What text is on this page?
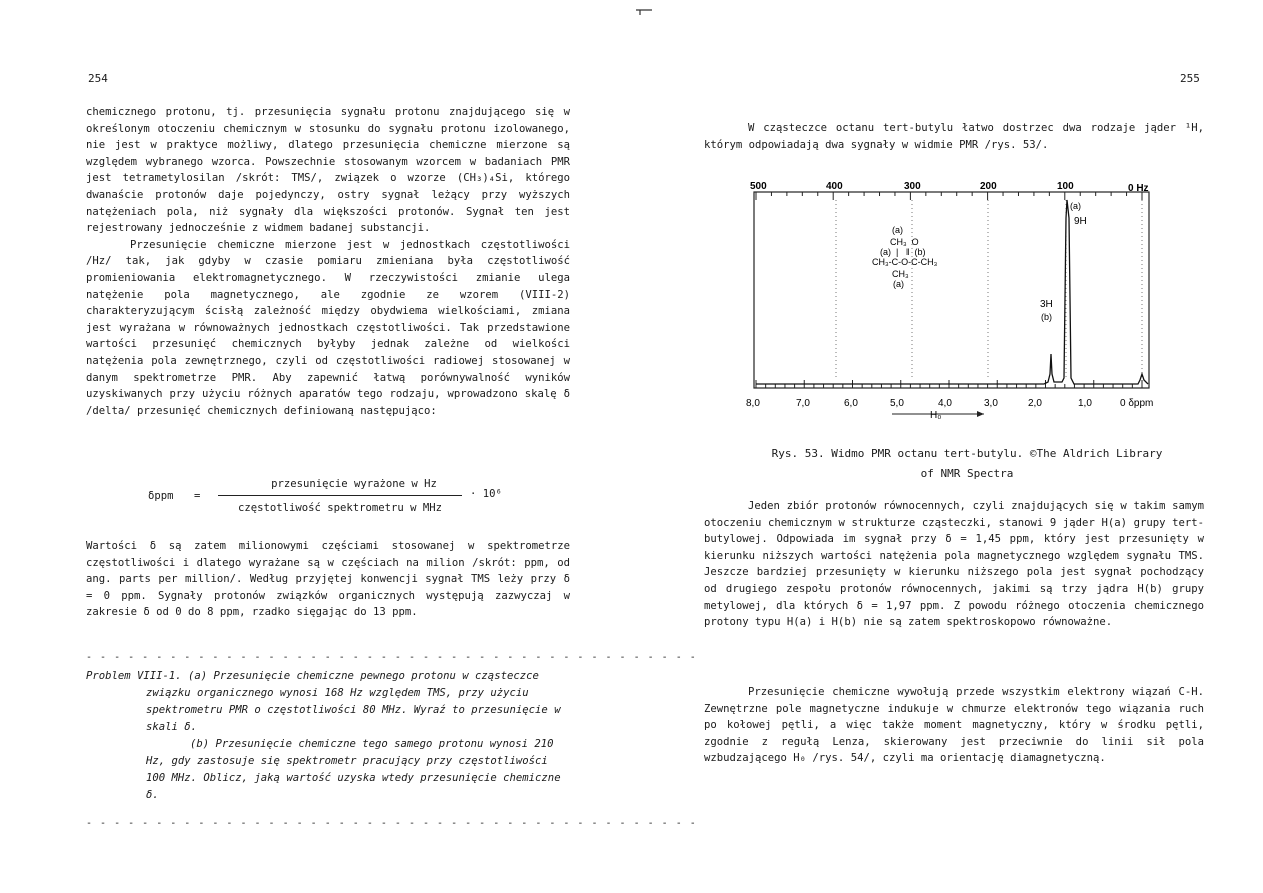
254

chemicznego protonu, tj. przesunięcia sygnału protonu znajdującego się w określonym otoczeniu chemicznym w stosunku do sygnału protonu izolowanego, nie jest w praktyce możliwy, dlatego przesunięcia chemiczne mierzone są względem wybranego wzorca. Powszechnie stosowanym wzorcem w badaniach PMR jest tetrametylosilan /skrót: TMS/, związek o wzorze (CH₃)₄Si, którego dwanaście protonów daje pojedynczy, ostry sygnał leżący przy wyższych natężeniach pola, niż sygnały dla większości protonów. Sygnał ten jest rejestrowany jednocześnie z widmem badanej substancji.

Przesunięcie chemiczne mierzone jest w jednostkach częstotliwości /Hz/ tak, jak gdyby w czasie pomiaru zmieniana była częstotliwość promieniowania elektromagnetycznego. W rzeczywistości zmianie ulega natężenie pola magnetycznego, ale zgodnie ze wzorem (VIII-2) charakteryzującym ścisłą zależność między obydwiema wielkościami, zmiana jest wyrażana w równoważnych jednostkach częstotliwości. Tak przedstawione wartości przesunięć chemicznych byłyby jednak zależne od wielkości natężenia pola zewnętrznego, czyli od częstotliwości radiowej stosowanej w danym spektrometrze PMR. Aby zapewnić łatwą porównywalność wyników uzyskiwanych przy użyciu różnych aparatów tego rodzaju, wprowadzono skalę δ /delta/ przesunięć chemicznych definiowaną następująco:

δppm =
przesunięcie wyrażone w Hz
częstotliwość spektrometru w MHz
· 10⁶

Wartości δ są zatem milionowymi częściami stosowanej w spektrometrze częstotliwości i dlatego wyrażane są w częściach na milion /skrót: ppm, od ang. parts per million/. Według przyjętej konwencji sygnał TMS leży przy δ = 0 ppm. Sygnały protonów związków organicznych występują zazwyczaj w zakresie δ od 0 do 8 ppm, rzadko sięgając do 13 ppm.

- - - - - - - - - - - - - - - - - - - - - - - - - - - - - - - - - - - - - - - - - - - -
Problem VIII-1. (a) Przesunięcie chemiczne pewnego protonu w cząsteczce związku organicznego wynosi 168 Hz względem TMS, przy użyciu spektrometru PMR o częstotliwości 80 MHz. Wyraź to przesunięcie w skali δ.
(b) Przesunięcie chemiczne tego samego protonu wynosi 210 Hz, gdy zastosuje się spektrometr pracujący przy częstotliwości 100 MHz. Oblicz, jaką wartość uzyska wtedy przesunięcie chemiczne δ.
- - - - - - - - - - - - - - - - - - - - - - - - - - - - - - - - - - - - - - - - - - - -
255

W cząsteczce octanu tert-butylu łatwo dostrzec dwa rodzaje jąder ¹H, którym odpowiadają dwa sygnały w widmie PMR /rys. 53/.

500	400	300	200	100	0 Hz
8,0	7,0	6,0	5,0	4,0	3,0	2,0	1,0	0 δppm
H₀
(a)
9H
3H
(b)
(a)
CH₃  O
(a)  |   ‖  (b)
CH₃-C-O-C-CH₃
CH₃
(a)
Rys. 53. Widmo PMR octanu tert-butylu. ©The Aldrich Library
of NMR Spectra

Jeden zbiór protonów równocennych, czyli znajdujących się w takim samym otoczeniu chemicznym w strukturze cząsteczki, stanowi 9 jąder H(a) grupy tert-butylowej. Odpowiada im sygnał przy δ = 1,45 ppm, który jest przesunięty w kierunku niższych wartości natężenia pola magnetycznego względem sygnału TMS. Jeszcze bardziej przesunięty w kierunku niższego pola jest sygnał pochodzący od drugiego zespołu protonów równocennych, jakimi są trzy jądra H(b) grupy metylowej, dla których δ = 1,97 ppm. Z powodu różnego otoczenia chemicznego protony typu H(a) i H(b) nie są zatem spektroskopowo równoważne.

Przesunięcie chemiczne wywołują przede wszystkim elektrony wiązań C-H. Zewnętrzne pole magnetyczne indukuje w chmurze elektronów tego wiązania ruch po kołowej pętli, a więc także moment magnetyczny, który w środku pętli, zgodnie z regułą Lenza, skierowany jest przeciwnie do linii sił pola wzbudzającego H₀ /rys. 54/, czyli ma orientację diamagnetyczną.
